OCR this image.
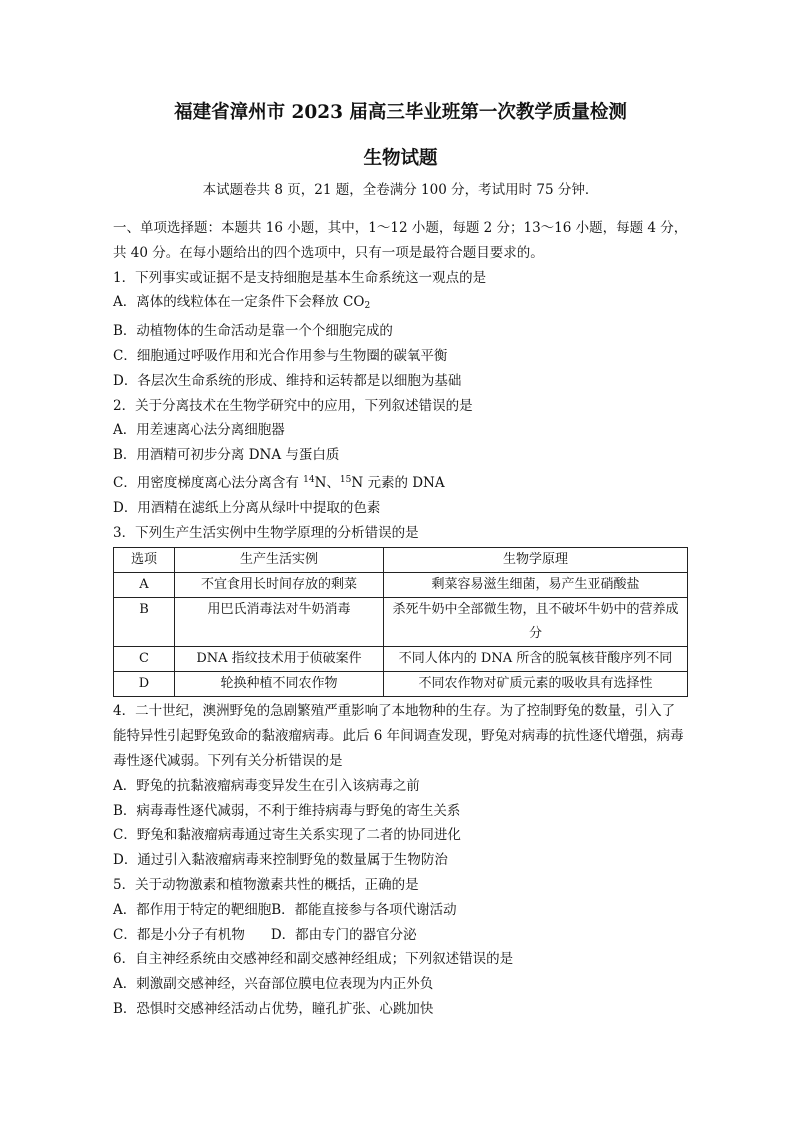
福建省漳州市 2023 届高三毕业班第一次教学质量检测

生物试题

本试题卷共 8 页，21 题，全卷满分 100 分，考试用时 75 分钟．

一、单项选择题：本题共 16 小题，其中，1～12 小题，每题 2 分；13～16 小题，每题 4 分，共 40 分。在每小题给出的四个选项中，只有一项是最符合题目要求的。

1．下列事实或证据不是支持细胞是基本生命系统这一观点的是

A．离体的线粒体在一定条件下会释放 $CO_2$

B．动植物体的生命活动是靠一个个细胞完成的

C．细胞通过呼吸作用和光合作用参与生物圈的碳氧平衡

D．各层次生命系统的形成、维持和运转都是以细胞为基础

2．关于分离技术在生物学研究中的应用，下列叙述错误的是

A．用差速离心法分离细胞器

B．用酒精可初步分离 DNA 与蛋白质

C．用密度梯度离心法分离含有 $^{14}$N、$^{15}$N 元素的 DNA

D．用酒精在滤纸上分离从绿叶中提取的色素

3．下列生产生活实例中生物学原理的分析错误的是

选项	生产生活实例	生物学原理
A	不宜食用长时间存放的剩菜	剩菜容易滋生细菌，易产生亚硝酸盐
B	用巴氏消毒法对牛奶消毒	杀死牛奶中全部微生物，且不破坏牛奶中的营养成分
C	DNA 指纹技术用于侦破案件	不同人体内的 DNA 所含的脱氧核苷酸序列不同
D	轮换种植不同农作物	不同农作物对矿质元素的吸收具有选择性

4．二十世纪，澳洲野兔的急剧繁殖严重影响了本地物种的生存。为了控制野兔的数量，引入了能特异性引起野兔致命的黏液瘤病毒。此后 6 年间调查发现，野兔对病毒的抗性逐代增强，病毒毒性逐代减弱。下列有关分析错误的是

A．野兔的抗黏液瘤病毒变异发生在引入该病毒之前

B．病毒毒性逐代减弱，不利于维持病毒与野兔的寄生关系

C．野兔和黏液瘤病毒通过寄生关系实现了二者的协同进化

D．通过引入黏液瘤病毒来控制野兔的数量属于生物防治

5．关于动物激素和植物激素共性的概括，正确的是

A．都作用于特定的靶细胞B．都能直接参与各项代谢活动

C．都是小分子有机物 D．都由专门的器官分泌

6．自主神经系统由交感神经和副交感神经组成；下列叙述错误的是

A．刺激副交感神经，兴奋部位膜电位表现为内正外负

B．恐惧时交感神经活动占优势，瞳孔扩张、心跳加快
